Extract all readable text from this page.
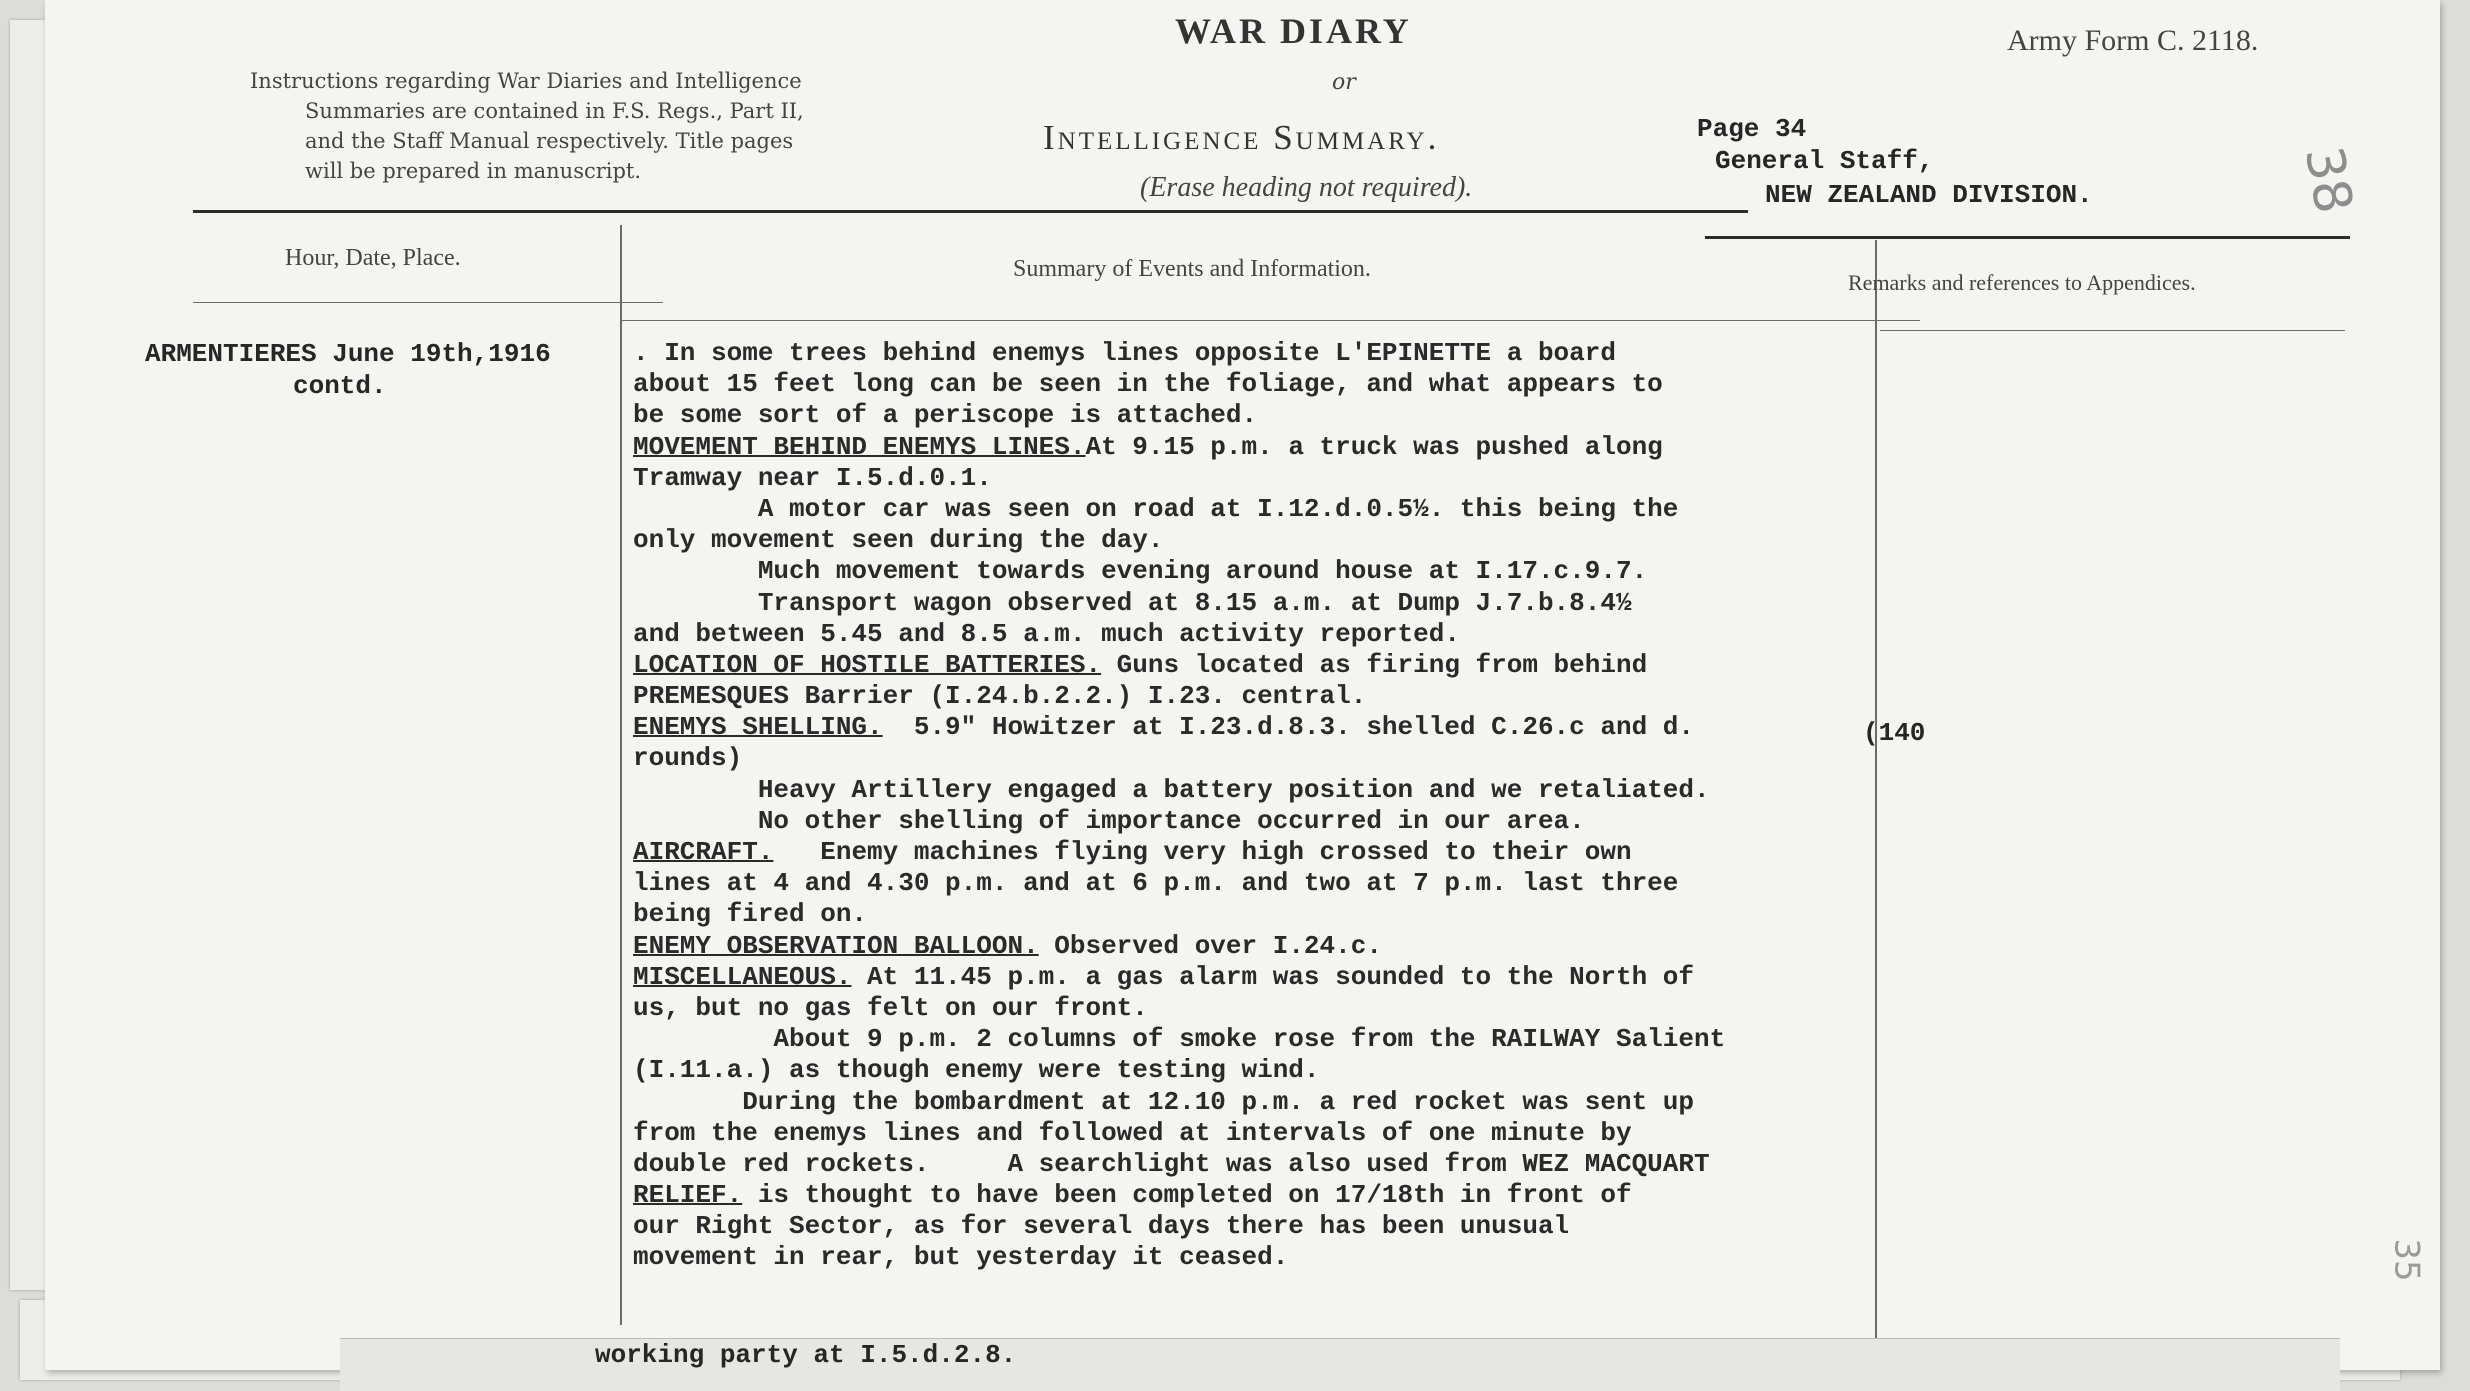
Instructions regarding War Diaries and Intelligence
Summaries are contained in F.S. Regs., Part II,
and the Staff Manual respectively. Title pages
will be prepared in manuscript.
WAR DIARY
or
Intelligence Summary.
(Erase heading not required).
Army Form C. 2118.
Page 34
General Staff,
NEW ZEALAND DIVISION.	38
Hour, Date, Place.	Summary of Events and Information.
Remarks and references to Appendices.
ARMENTIERES June 19th,1916
contd.
. In some trees behind enemys lines opposite L'EPINETTE a board
about 15 feet long can be seen in the foliage, and what appears to
be some sort of a periscope is attached.
MOVEMENT BEHIND ENEMYS LINES.At 9.15 p.m. a truck was pushed along
Tramway near I.5.d.0.1.
A motor car was seen on road at I.12.d.0.5½. this being the
only movement seen during the day.
Much movement towards evening around house at I.17.c.9.7.
Transport wagon observed at 8.15 a.m. at Dump J.7.b.8.4½
and between 5.45 and 8.5 a.m. much activity reported.
LOCATION OF HOSTILE BATTERIES. Guns located as firing from behind
PREMESQUES Barrier (I.24.b.2.2.) I.23. central.
ENEMYS SHELLING.  5.9" Howitzer at I.23.d.8.3. shelled C.26.c and d.
rounds)
Heavy Artillery engaged a battery position and we retaliated.
No other shelling of importance occurred in our area.
AIRCRAFT.   Enemy machines flying very high crossed to their own
lines at 4 and 4.30 p.m. and at 6 p.m. and two at 7 p.m. last three
being fired on.
ENEMY OBSERVATION BALLOON. Observed over I.24.c.
MISCELLANEOUS. At 11.45 p.m. a gas alarm was sounded to the North of
us, but no gas felt on our front.
About 9 p.m. 2 columns of smoke rose from the RAILWAY Salient
(I.11.a.) as though enemy were testing wind.
During the bombardment at 12.10 p.m. a red rocket was sent up
from the enemys lines and followed at intervals of one minute by
double red rockets.     A searchlight was also used from WEZ MACQUART
RELIEF. is thought to have been completed on 17/18th in front of
our Right Sector, as for several days there has been unusual
movement in rear, but yesterday it ceased.
(140
35
working party at I.5.d.2.8.
